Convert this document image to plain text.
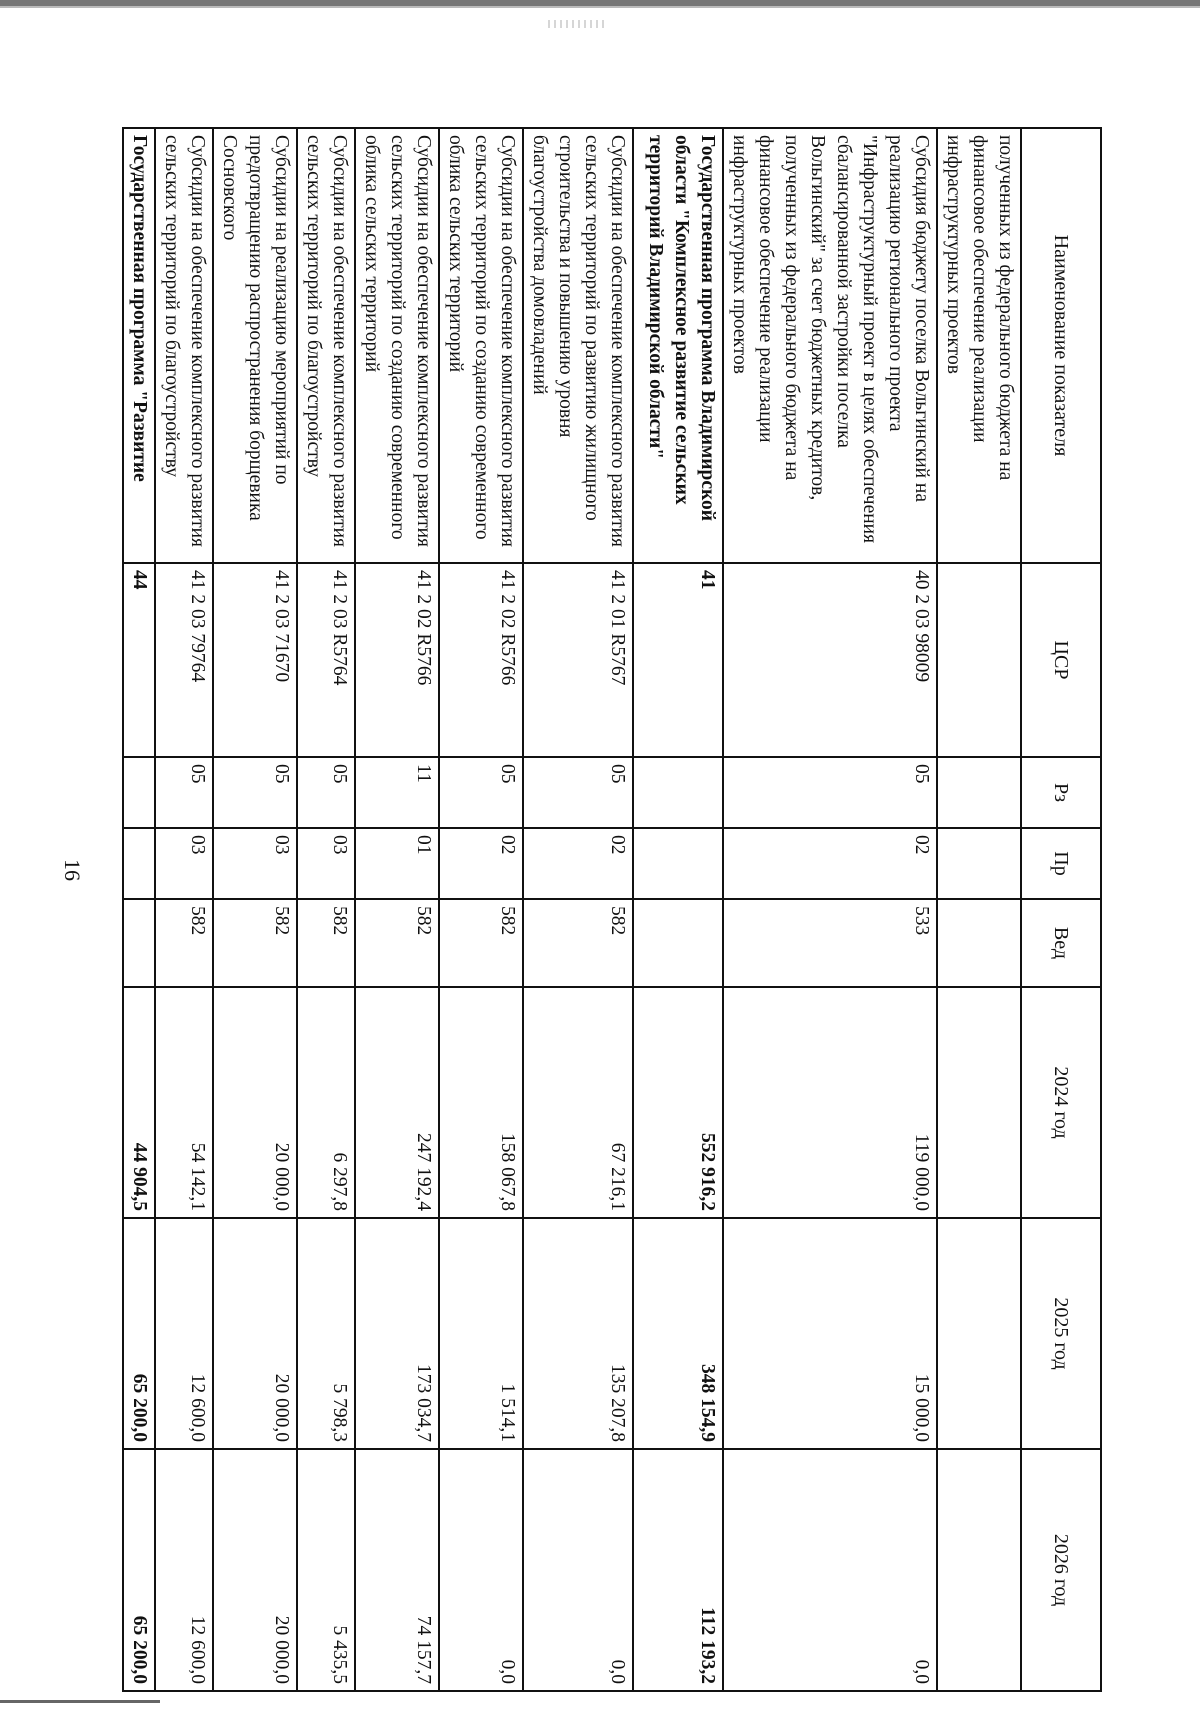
16
Наименование показателя	ЦСР	Рз	Пр	Вед	2024 год	2025 год	2026 год
полученных из федерального бюджета на финансовое обеспечение реализации инфраструктурных проектов							
Субсидия бюджету поселка Вольгинский на реализацию регионального проекта "Инфраструктурный проект в целях обеспечения сбалансированной застройки поселка Вольгинский" за счет бюджетных кредитов, полученных из федерального бюджета на финансовое обеспечение реализации инфраструктурных проектов	40 2 03 98009	05	02	533	119 000,0	15 000,0	0,0
Государственная программа Владимирской области "Комплексное развитие сельских территорий Владимирской области"	41				552 916,2	348 154,9	112 193,2
Субсидии на обеспечение комплексного развития сельских территорий по развитию жилищного строительства и повышению уровня благоустройства домовладений	41 2 01 R5767	05	02	582	67 216,1	135 207,8	0,0
Субсидии на обеспечение комплексного развития сельских территорий по созданию современного облика сельских территорий	41 2 02 R5766	05	02	582	158 067,8	1 514,1	0,0
Субсидии на обеспечение комплексного развития сельских территорий по созданию современного облика сельских территорий	41 2 02 R5766	11	01	582	247 192,4	173 034,7	74 157,7
Субсидии на обеспечение комплексного развития сельских территорий по благоустройству	41 2 03 R5764	05	03	582	6 297,8	5 798,3	5 435,5
Субсидии на реализацию мероприятий по предотвращению распространения борщевика Сосновского	41 2 03 71670	05	03	582	20 000,0	20 000,0	20 000,0
Субсидии на обеспечение комплексного развития сельских территорий по благоустройству	41 2 03 79764	05	03	582	54 142,1	12 600,0	12 600,0
Государственная программа "Развитие	44				44 904,5	65 200,0	65 200,0
